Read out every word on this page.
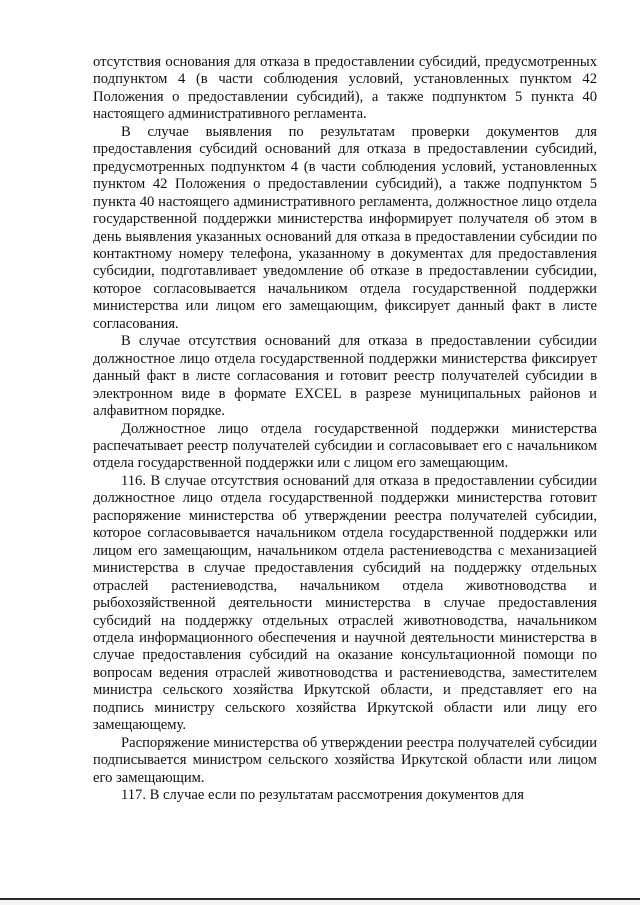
отсутствия основания для отказа в предоставлении субсидий, предусмотренных подпунктом 4 (в части соблюдения условий, установленных пунктом 42 Положения о предоставлении субсидий), а также подпунктом 5 пункта 40 настоящего административного регламента.

В случае выявления по результатам проверки документов для предоставления субсидий оснований для отказа в предоставлении субсидий, предусмотренных подпунктом 4 (в части соблюдения условий, установленных пунктом 42 Положения о предоставлении субсидий), а также подпунктом 5 пункта 40 настоящего административного регламента, должностное лицо отдела государственной поддержки министерства информирует получателя об этом в день выявления указанных оснований для отказа в предоставлении субсидии по контактному номеру телефона, указанному в документах для предоставления субсидии, подготавливает уведомление об отказе в предоставлении субсидии, которое согласовывается начальником отдела государственной поддержки министерства или лицом его замещающим, фиксирует данный факт в листе согласования.

В случае отсутствия оснований для отказа в предоставлении субсидии должностное лицо отдела государственной поддержки министерства фиксирует данный факт в листе согласования и готовит реестр получателей субсидии в электронном виде в формате EXCEL в разрезе муниципальных районов и алфавитном порядке.

Должностное лицо отдела государственной поддержки министерства распечатывает реестр получателей субсидии и согласовывает его с начальником отдела государственной поддержки или с лицом его замещающим.

116. В случае отсутствия оснований для отказа в предоставлении субсидии должностное лицо отдела государственной поддержки министерства готовит распоряжение министерства об утверждении реестра получателей субсидии, которое согласовывается начальником отдела государственной поддержки или лицом его замещающим, начальником отдела растениеводства с механизацией министерства в случае предоставления субсидий на поддержку отдельных отраслей растениеводства, начальником отдела животноводства и рыбохозяйственной деятельности министерства в случае предоставления субсидий на поддержку отдельных отраслей животноводства, начальником отдела информационного обеспечения и научной деятельности министерства в случае предоставления субсидий на оказание консультационной помощи по вопросам ведения отраслей животноводства и растениеводства, заместителем министра сельского хозяйства Иркутской области, и представляет его на подпись министру сельского хозяйства Иркутской области или лицу его замещающему.

Распоряжение министерства об утверждении реестра получателей субсидии подписывается министром сельского хозяйства Иркутской области или лицом его замещающим.

117. В случае если по результатам рассмотрения документов для
